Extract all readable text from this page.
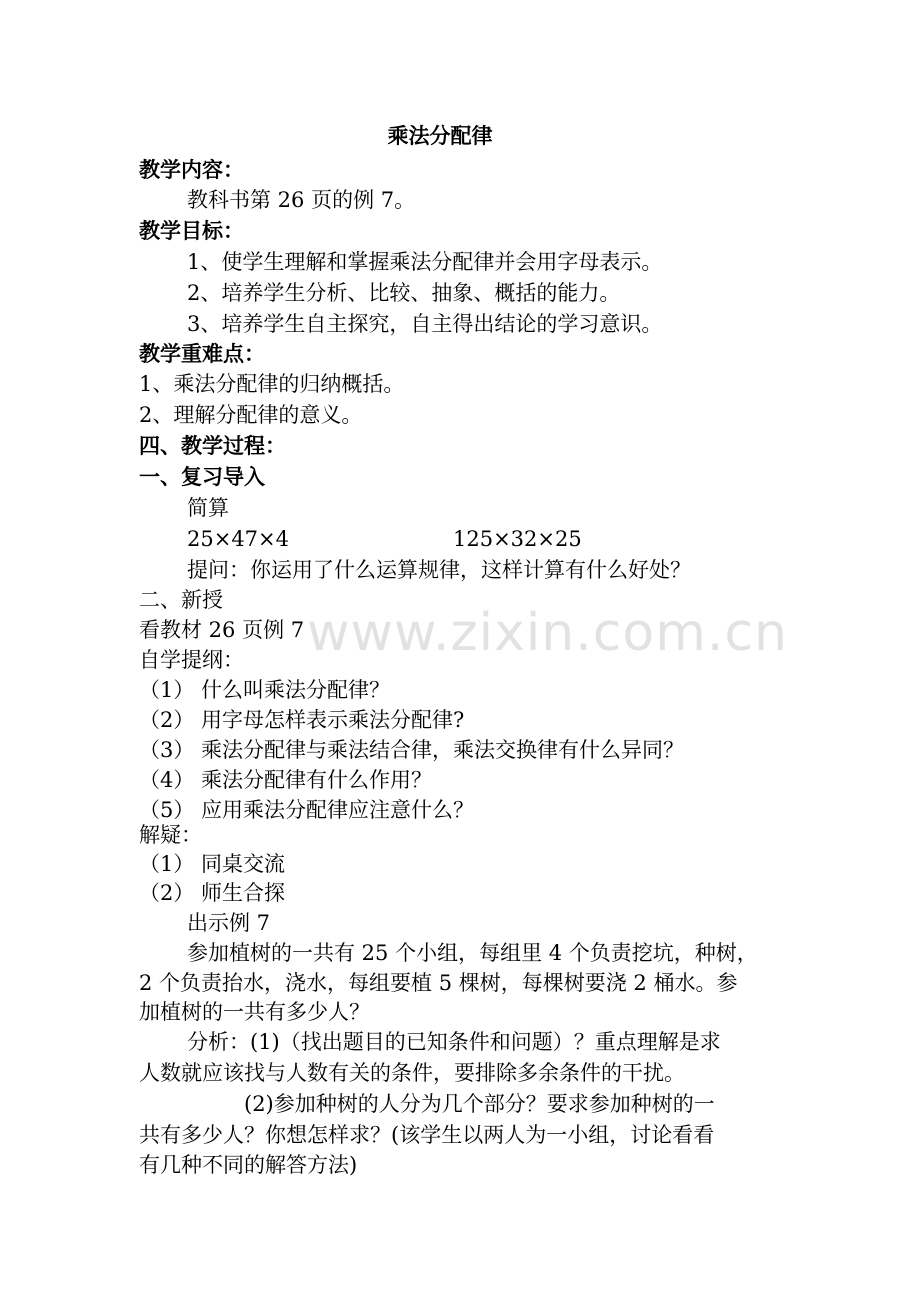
www.zixin.com.cn
乘法分配律
教学内容：
教科书第 26 页的例 7。
教学目标：
1、使学生理解和掌握乘法分配律并会用字母表示。
2、培养学生分析、比较、抽象、概括的能力。
3、培养学生自主探究，自主得出结论的学习意识。
教学重难点：
1、乘法分配律的归纳概括。
2、理解分配律的意义。
四、教学过程：
一、复习导入
简算
25×47×4	125×32×25
提问：你运用了什么运算规律，这样计算有什么好处？
二、新授
看教材 26 页例 7
自学提纲：
（1） 什么叫乘法分配律？
（2） 用字母怎样表示乘法分配律?
（3） 乘法分配律与乘法结合律，乘法交换律有什么异同？
（4） 乘法分配律有什么作用？
（5） 应用乘法分配律应注意什么？
解疑：
（1） 同桌交流
（2） 师生合探
出示例 7
参加植树的一共有 25 个小组，每组里 4 个负责挖坑，种树，
2 个负责抬水，浇水，每组要植 5 棵树，每棵树要浇 2 桶水。参
加植树的一共有多少人？
分析：(1)（找出题目的已知条件和问题）？重点理解是求
人数就应该找与人数有关的条件，要排除多余条件的干扰。
(2)参加种树的人分为几个部分？要求参加种树的一
共有多少人？你想怎样求？(该学生以两人为一小组，讨论看看
有几种不同的解答方法)
